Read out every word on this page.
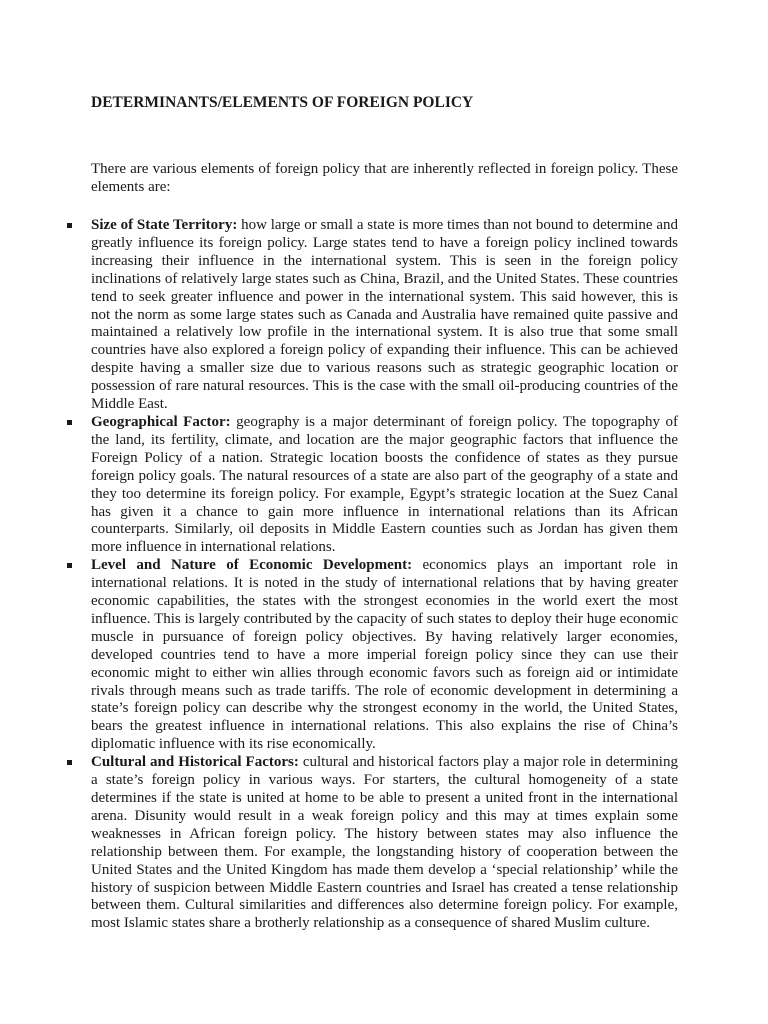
DETERMINANTS/ELEMENTS OF FOREIGN POLICY

There are various elements of foreign policy that are inherently reflected in foreign policy. These elements are:

Size of State Territory: how large or small a state is more times than not bound to determine and greatly influence its foreign policy. Large states tend to have a foreign policy inclined towards increasing their influence in the international system. This is seen in the foreign policy inclinations of relatively large states such as China, Brazil, and the United States. These countries tend to seek greater influence and power in the international system. This said however, this is not the norm as some large states such as Canada and Australia have remained quite passive and maintained a relatively low profile in the international system. It is also true that some small countries have also explored a foreign policy of expanding their influence. This can be achieved despite having a smaller size due to various reasons such as strategic geographic location or possession of rare natural resources. This is the case with the small oil-producing countries of the Middle East.
Geographical Factor: geography is a major determinant of foreign policy. The topography of the land, its fertility, climate, and location are the major geographic factors that influence the Foreign Policy of a nation. Strategic location boosts the confidence of states as they pursue foreign policy goals. The natural resources of a state are also part of the geography of a state and they too determine its foreign policy. For example, Egypt’s strategic location at the Suez Canal has given it a chance to gain more influence in international relations than its African counterparts. Similarly, oil deposits in Middle Eastern counties such as Jordan has given them more influence in international relations.
Level and Nature of Economic Development: economics plays an important role in international relations. It is noted in the study of international relations that by having greater economic capabilities, the states with the strongest economies in the world exert the most influence. This is largely contributed by the capacity of such states to deploy their huge economic muscle in pursuance of foreign policy objectives. By having relatively larger economies, developed countries tend to have a more imperial foreign policy since they can use their economic might to either win allies through economic favors such as foreign aid or intimidate rivals through means such as trade tariffs. The role of economic development in determining a state’s foreign policy can describe why the strongest economy in the world, the United States, bears the greatest influence in international relations. This also explains the rise of China’s diplomatic influence with its rise economically.
Cultural and Historical Factors: cultural and historical factors play a major role in determining a state’s foreign policy in various ways. For starters, the cultural homogeneity of a state determines if the state is united at home to be able to present a united front in the international arena. Disunity would result in a weak foreign policy and this may at times explain some weaknesses in African foreign policy. The history between states may also influence the relationship between them. For example, the longstanding history of cooperation between the United States and the United Kingdom has made them develop a ‘special relationship’ while the history of suspicion between Middle Eastern countries and Israel has created a tense relationship between them. Cultural similarities and differences also determine foreign policy. For example, most Islamic states share a brotherly relationship as a consequence of shared Muslim culture.
